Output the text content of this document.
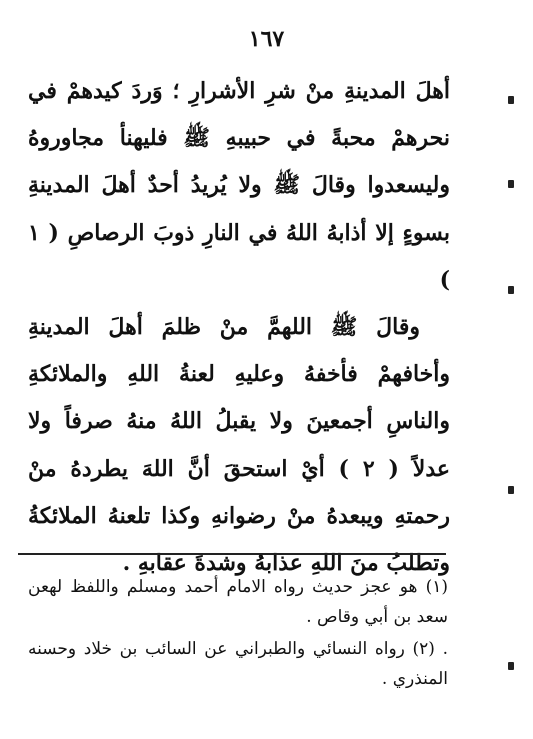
١٦٧

أهلَ المدينةِ منْ شرِ الأشرارِ ؛ وَردَ كيدهمْ في نحرهمْ محبةً في حبيبهِ ﷺ فليهنأ مجاوروهُ وليسعدوا وقالَ ﷺ ولا يُريدُ أحدٌ أهلَ المدينةِ بسوءٍ إلا أذابهُ اللهُ في النارِ ذوبَ الرصاصِ ( ١ )

وقالَ ﷺ اللهمَّ منْ ظلمَ أهلَ المدينةِ وأخافهمْ فأخفهُ وعليهِ لعنةُ اللهِ والملائكةِ والناسِ أجمعينَ ولا يقبلُ اللهُ منهُ صرفاً ولا عدلاً ( ٢ ) أيْ استحقَ أنَّ اللهَ يطردهُ منْ رحمتهِ ويبعدهُ منْ رضوانهِ وكذا تلعنهُ الملائكةُ وتطلبُ منَ اللهِ عذابهُ وشدةَ عقابهِ .

(١) هو عجز حديث رواه الامام أحمد ومسلم واللفظ لهعن سعد بن أبي وقاص .

. (٢) رواه النسائي والطبراني عن السائب بن خلاد وحسنه المنذري .
